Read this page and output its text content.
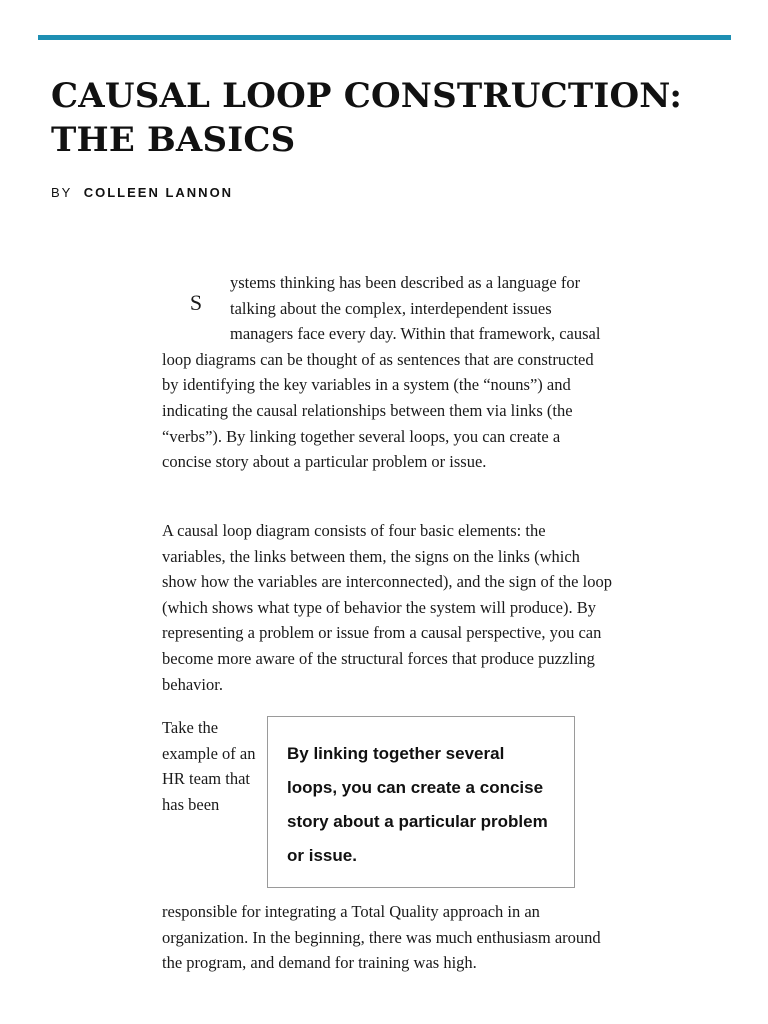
CAUSAL LOOP CONSTRUCTION: THE BASICS
BY COLLEEN LANNON

S
ystems thinking has been described as a language for talking about the complex, interdependent issues managers face every day. Within that framework, causal loop diagrams can be thought of as sentences that are constructed by identifying the key variables in a system (the “nouns”) and indicating the causal relationships between them via links (the “verbs”). By linking together several loops, you can create a concise story about a particular problem or issue.

A causal loop diagram consists of four basic elements: the variables, the links between them, the signs on the links (which show how the variables are interconnected), and the sign of the loop (which shows what type of behavior the system will produce). By representing a problem or issue from a causal perspective, you can become more aware of the structural forces that produce puzzling behavior.

Take the example of an HR team that has been

By linking together several loops, you can create a concise story about a particular problem or issue.

responsible for integrating a Total Quality approach in an organization. In the beginning, there was much enthusiasm around the program, and demand for training was high.
